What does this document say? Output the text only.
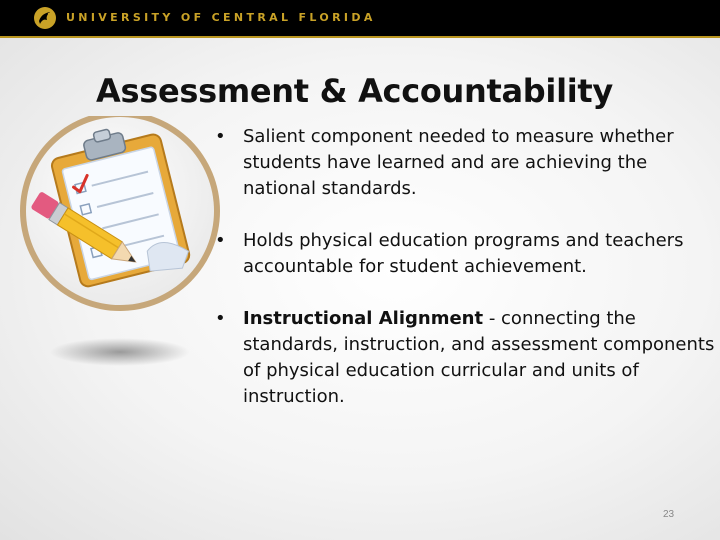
UNIVERSITY OF CENTRAL FLORIDA
Assessment & Accountability
• Salient component needed to measure whether students have learned and are achieving the national standards.
• Holds physical education programs and teachers accountable for student achievement.
• Instructional Alignment - connecting the standards, instruction, and assessment components of physical education curricular and units of instruction.
23
